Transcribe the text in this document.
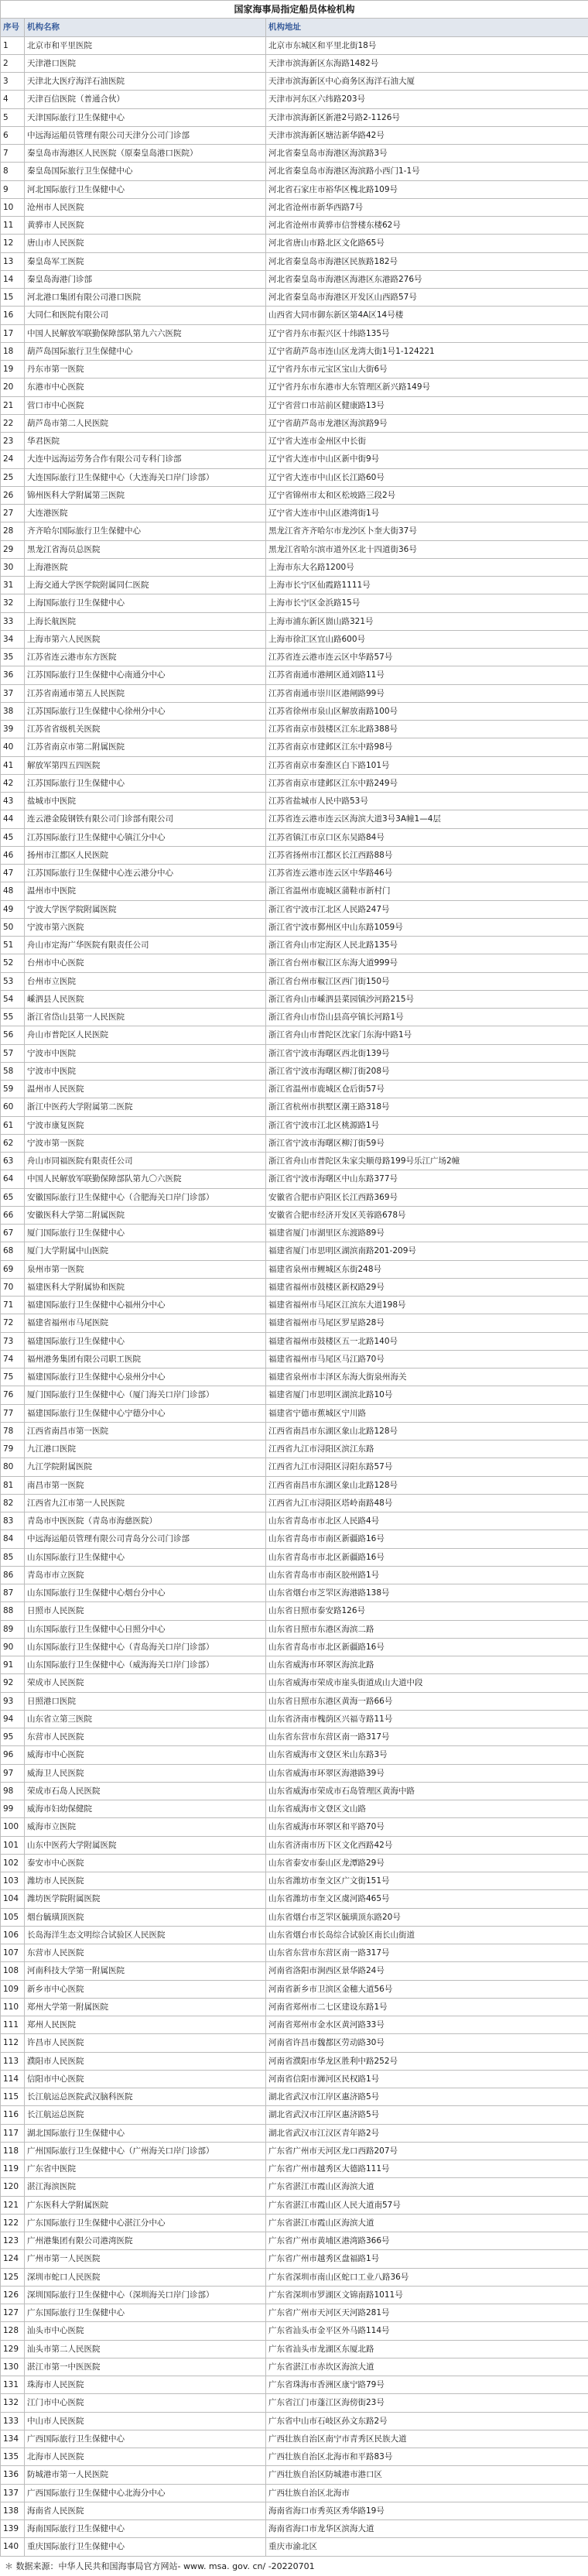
国家海事局指定船员体检机构		
序号	机构名称	机构地址
1	北京市和平里医院	北京市东城区和平里北街18号
2	天津港口医院	天津市滨海新区东海路1482号
3	天津北大医疗海洋石油医院	天津市滨海新区中心商务区海洋石油大厦
4	天津百信医院（普通合伙）	天津市河东区六纬路203号
5	天津国际旅行卫生保健中心	天津市滨海新区新港2号路2-1126号
6	中远海运船员管理有限公司天津分公司门诊部	天津市滨海新区塘沽新华路42号
7	秦皇岛市海港区人民医院（原秦皇岛港口医院）	河北省秦皇岛市海港区海滨路3号
8	秦皇岛国际旅行卫生保健中心	河北省秦皇岛市海港区海滨路小西门1-1号
9	河北国际旅行卫生保健中心	河北省石家庄市裕华区槐北路109号
10	沧州市人民医院	河北省沧州市新华西路7号
11	黄骅市人民医院	河北省沧州市黄骅市信誉楼东楼62号
12	唐山市人民医院	河北省唐山市路北区文化路65号
13	秦皇岛军工医院	河北省秦皇岛市海港区民族路182号
14	秦皇岛海港门诊部	河北省秦皇岛市海港区海港区东港路276号
15	河北港口集团有限公司港口医院	河北省秦皇岛市海港区开发区山西路57号
16	大同仁和医院有限公司	山西省大同市御东新区第4A区14号楼
17	中国人民解放军联勤保障部队第九六六医院	辽宁省丹东市振兴区十纬路135号
18	葫芦岛国际旅行卫生保健中心	辽宁省葫芦岛市连山区龙湾大街1号1-124221
19	丹东市第一医院	辽宁省丹东市元宝区宝山大街6号
20	东港市中心医院	辽宁省丹东市东港市大东管理区新兴路149号
21	营口市中心医院	辽宁省营口市站前区健康路13号
22	葫芦岛市第二人民医院	辽宁省葫芦岛市龙港区海滨路9号
23	华君医院	辽宁省大连市金州区中长街
24	大连中远海运劳务合作有限公司专科门诊部	辽宁省大连市中山区新中街9号
25	大连国际旅行卫生保健中心（大连海关口岸门诊部）	辽宁省大连市中山区长江路60号
26	锦州医科大学附属第三医院	辽宁省锦州市太和区松坡路三段2号
27	大连港医院	辽宁省大连市中山区港湾街1号
28	齐齐哈尔国际旅行卫生保健中心	黑龙江省齐齐哈尔市龙沙区卜奎大街37号
29	黑龙江省海员总医院	黑龙江省哈尔滨市道外区北十四道街36号
30	上海港医院	上海市东大名路1200号
31	上海交通大学医学院附属同仁医院	上海市长宁区仙霞路1111号
32	上海国际旅行卫生保健中心	上海市长宁区金浜路15号
33	上海长航医院	上海市浦东新区崮山路321号
34	上海市第六人民医院	上海市徐汇区宜山路600号
35	江苏省连云港市东方医院	江苏省连云港市连云区中华路57号
36	江苏国际旅行卫生保健中心南通分中心	江苏省南通市港闸区通刘路11号
37	江苏省南通市第五人民医院	江苏省南通市崇川区港闸路99号
38	江苏国际旅行卫生保健中心徐州分中心	江苏省徐州市泉山区解放南路100号
39	江苏省省级机关医院	江苏省南京市鼓楼区江东北路388号
40	江苏省南京市第二附属医院	江苏省南京市建邺区江东中路98号
41	解放军第四五四医院	江苏省南京市秦淮区白下路101号
42	江苏国际旅行卫生保健中心	江苏省南京市建邺区江东中路249号
43	盐城市中医院	江苏省盐城市人民中路53号
44	连云港金陵钢铁有限公司门诊部有限公司	江苏省连云港市连云区海滨大道3号3A幢1—4层
45	江苏国际旅行卫生保健中心镇江分中心	江苏省镇江市京口区东吴路84号
46	扬州市江都区人民医院	江苏省扬州市江都区长江西路88号
47	江苏国际旅行卫生保健中心连云港分中心	江苏省连云港市连云区中华路46号
48	温州市中医院	浙江省温州市鹿城区蒲鞋市新村门
49	宁波大学医学院附属医院	浙江省宁波市江北区人民路247号
50	宁波市第六医院	浙江省宁波市鄞州区中山东路1059号
51	舟山市定海广华医院有限责任公司	浙江省舟山市定海区人民北路135号
52	台州市中心医院	浙江省台州市椒江区东海大道999号
53	台州市立医院	浙江省台州市椒江区西门街150号
54	嵊泗县人民医院	浙江省舟山市嵊泗县菜园镇沙河路215号
55	浙江省岱山县第一人民医院	浙江省舟山市岱山县高亭镇长河路1号
56	舟山市普陀区人民医院	浙江省舟山市普陀区沈家门东海中路1号
57	宁波市中医院	浙江省宁波市海曙区西北街139号
58	宁波市中医院	浙江省宁波市海曙区柳汀街208号
59	温州市人民医院	浙江省温州市鹿城区仓后街57号
60	浙江中医药大学附属第二医院	浙江省杭州市拱墅区潮王路318号
61	宁波市康复医院	浙江省宁波市江北区桃源路1号
62	宁波市第一医院	浙江省宁波市海曙区柳汀街59号
63	舟山市同福医院有限责任公司	浙江省舟山市普陀区朱家尖顺母路199号乐江广场2幢
64	中国人民解放军联勤保障部队第九〇六医院	浙江省宁波市海曙区中山东路377号
65	安徽国际旅行卫生保健中心（合肥海关口岸门诊部）	安徽省合肥市庐阳区长江西路369号
66	安徽医科大学第二附属医院	安徽省合肥市经济开发区芙蓉路678号
67	厦门国际旅行卫生保健中心	福建省厦门市湖里区东渡路89号
68	厦门大学附属中山医院	福建省厦门市思明区湖滨南路201-209号
69	泉州市第一医院	福建省泉州市鲤城区东街248号
70	福建医科大学附属协和医院	福建省福州市鼓楼区新权路29号
71	福建国际旅行卫生保健中心福州分中心	福建省福州市马尾区江滨东大道198号
72	福建省福州市马尾医院	福建省福州市马尾区罗星路28号
73	福建国际旅行卫生保健中心	福建省福州市鼓楼区五一北路140号
74	福州港务集团有限公司职工医院	福建省福州市马尾区马江路70号
75	福建国际旅行卫生保健中心泉州分中心	福建省泉州市丰泽区东海大街泉州海关
76	厦门国际旅行卫生保健中心（厦门海关口岸门诊部）	福建省厦门市思明区湖滨北路10号
77	福建国际旅行卫生保健中心宁德分中心	福建省宁德市蕉城区宁川路
78	江西省南昌市第一医院	江西省南昌市东湖区象山北路128号
79	九江港口医院	江西省九江市浔阳区滨江东路
80	九江学院附属医院	江西省九江市浔阳区浔阳东路57号
81	南昌市第一医院	江西省南昌市东湖区象山北路128号
82	江西省九江市第一人民医院	江西省九江市浔阳区塔岭南路48号
83	青岛市中医医院（青岛市海慈医院）	山东省青岛市市北区人民路4号
84	中远海运船员管理有限公司青岛分公司门诊部	山东省青岛市市南区新疆路16号
85	山东国际旅行卫生保健中心	山东省青岛市市北区新疆路16号
86	青岛市市立医院	山东省青岛市市南区胶州路1号
87	山东国际旅行卫生保健中心烟台分中心	山东省烟台市芝罘区海港路138号
88	日照市人民医院	山东省日照市泰安路126号
89	山东国际旅行卫生保健中心日照分中心	山东省日照市东港区海滨二路
90	山东国际旅行卫生保健中心（青岛海关口岸门诊部）	山东省青岛市市北区新疆路16号
91	山东国际旅行卫生保健中心（威海海关口岸门诊部）	山东省威海市环翠区海滨北路
92	荣成市人民医院	山东省威海市荣成市崖头街道成山大道中段
93	日照港口医院	山东省日照市东港区黄海一路66号
94	山东省立第三医院	山东省济南市槐荫区兴福寺路11号
95	东营市人民医院	山东省东营市东营区南一路317号
96	威海市中心医院	山东省威海市文登区米山东路3号
97	威海卫人民医院	山东省威海市环翠区海港路39号
98	荣成市石岛人民医院	山东省威海市荣成市石岛管理区黄海中路
99	威海市妇幼保健院	山东省威海市文登区文山路
100	威海市立医院	山东省威海市环翠区和平路70号
101	山东中医药大学附属医院	山东省济南市历下区文化西路42号
102	泰安市中心医院	山东省泰安市泰山区龙潭路29号
103	潍坊市人民医院	山东省潍坊市奎文区广文街151号
104	潍坊医学院附属医院	山东省潍坊市奎文区虞河路465号
105	烟台毓璜顶医院	山东省烟台市芝罘区毓璜顶东路20号
106	长岛海洋生态文明综合试验区人民医院	山东省烟台市长岛综合试验区南长山街道
107	东营市人民医院	山东省东营市东营区南一路317号
108	河南科技大学第一附属医院	河南省洛阳市涧西区景华路24号
109	新乡市中心医院	河南省新乡市卫滨区金穗大道56号
110	郑州大学第一附属医院	河南省郑州市二七区建设东路1号
111	郑州人民医院	河南省郑州市金水区黄河路33号
112	许昌市人民医院	河南省许昌市魏都区劳动路30号
113	濮阳市人民医院	河南省濮阳市华龙区胜利中路252号
114	信阳市中心医院	河南省信阳市浉河区民权路1号
115	长江航运总医院武汉脑科医院	湖北省武汉市江岸区惠济路5号
116	长江航运总医院	湖北省武汉市江岸区惠济路5号
117	湖北国际旅行卫生保健中心	湖北省武汉市江汉区青年路2号
118	广州国际旅行卫生保健中心（广州海关口岸门诊部）	广东省广州市天河区龙口西路207号
119	广东省中医院	广东省广州市越秀区大德路111号
120	湛江海滨医院	广东省湛江市霞山区海滨大道
121	广东医科大学附属医院	广东省湛江市霞山区人民大道南57号
122	广东国际旅行卫生保健中心湛江分中心	广东省湛江市霞山区海滨大道
123	广州港集团有限公司港湾医院	广东省广州市黄埔区港湾路366号
124	广州市第一人民医院	广东省广州市越秀区盘福路1号
125	深圳市蛇口人民医院	广东省深圳市南山区蛇口工业八路36号
126	深圳国际旅行卫生保健中心（深圳海关口岸门诊部）	广东省深圳市罗湖区文锦南路1011号
127	广东国际旅行卫生保健中心	广东省广州市天河区天河路281号
128	汕头市中心医院	广东省汕头市金平区外马路114号
129	汕头市第二人民医院	广东省汕头市龙湖区东厦北路
130	湛江市第一中医医院	广东省湛江市赤坎区海滨大道
131	珠海市人民医院	广东省珠海市香洲区康宁路79号
132	江门市中心医院	广东省江门市蓬江区海傍街23号
133	中山市人民医院	广东省中山市石岐区孙文东路2号
134	广西国际旅行卫生保健中心	广西壮族自治区南宁市青秀区民族大道
135	北海市人民医院	广西壮族自治区北海市和平路83号
136	防城港市第一人民医院	广西壮族自治区防城港市港口区
137	广西国际旅行卫生保健中心北海分中心	广西壮族自治区北海市
138	海南省人民医院	海南省海口市秀英区秀华路19号
139	海南国际旅行卫生保健中心	海南省海口市龙华区滨海大道
140	重庆国际旅行卫生保健中心	重庆市渝北区
＊ 数据来源：中华人民共和国海事局官方网站- www. msa. gov. cn/ -20220701
